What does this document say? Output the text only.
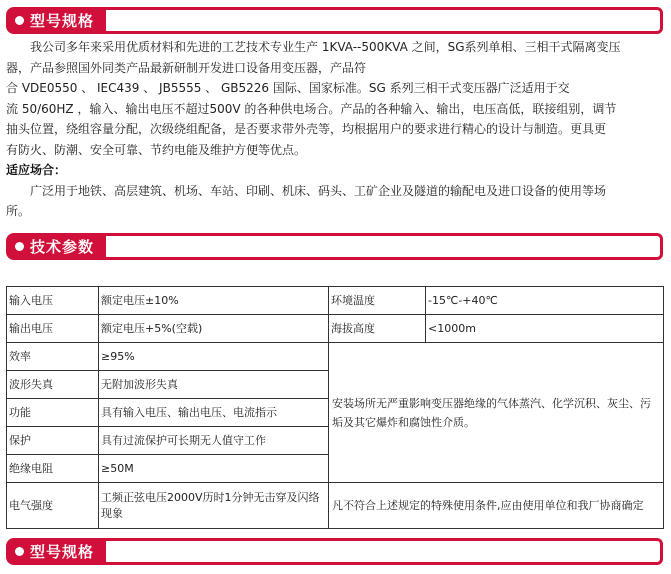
型号规格

　　我公司多年来采用优质材料和先进的工艺技术专业生产 1KVA--500KVA 之间，SG系列单相、三相干式隔离变压

器，产品参照国外同类产品最新研制开发进口设备用变压器，产品符

合 VDE0550 、 IEC439 、 JB5555 、 GB5226 国际、国家标准。SG 系列三相干式变压器广泛适用于交

流 50/60HZ ，输入、输出电压不超过500V 的各种供电场合。产品的各种输入、输出，电压高低，联接组别，调节

抽头位置，绕组容量分配，次级绕组配备，是否要求带外壳等，均根据用户的要求进行精心的设计与制造。更具更

有防火、防潮、安全可靠、节约电能及维护方便等优点。

适应场合：

　　广泛用于地铁、高层建筑、机场、车站、印刷、机床、码头、工矿企业及隧道的输配电及进口设备的使用等场

所。

技术参数
输入电压	额定电压±10%	环境温度	-15℃-+40℃
输出电压	额定电压+5%(空载)	海拔高度	<1000m
效率	≥95%	安装场所无严重影响变压器绝缘的气体蒸汽、化学沉积、灰尘、污垢及其它爆炸和腐蚀性介质。	
波形失真	无附加波形失真		
功能	具有输入电压、输出电压、电流指示		
保护	具有过流保护可长期无人值守工作		
绝缘电阻	≥50M		
电气强度	工频正弦电压2000V历时1分钟无击穿及闪络现象	凡不符合上述规定的特殊使用条件,应由使用单位和我厂协商确定	
型号规格
